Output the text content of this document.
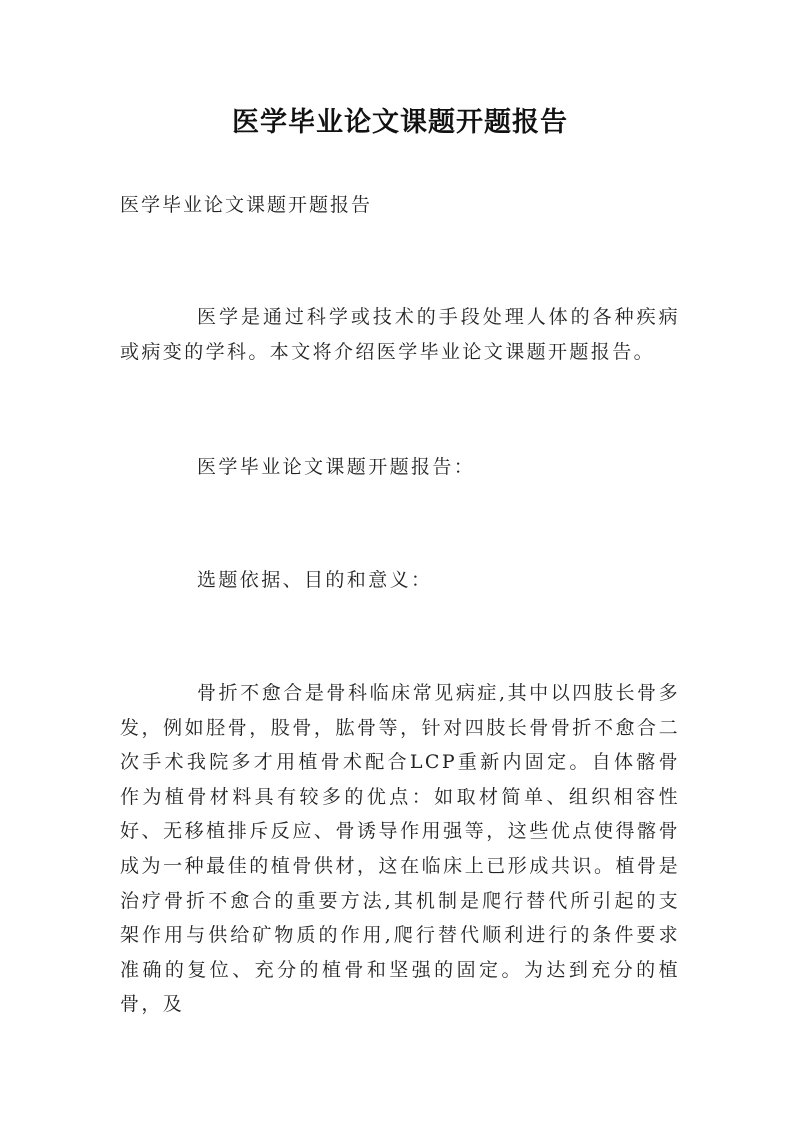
医学毕业论文课题开题报告
医学毕业论文课题开题报告

医学是通过科学或技术的手段处理人体的各种疾病或病变的学科。本文将介绍医学毕业论文课题开题报告。

医学毕业论文课题开题报告：

选题依据、目的和意义：

骨折不愈合是骨科临床常见病症,其中以四肢长骨多发，例如胫骨，股骨，肱骨等，针对四肢长骨骨折不愈合二次手术我院多才用植骨术配合LCP重新内固定。自体髂骨作为植骨材料具有较多的优点：如取材简单、组织相容性好、无移植排斥反应、骨诱导作用强等，这些优点使得髂骨成为一种最佳的植骨供材，这在临床上已形成共识。植骨是治疗骨折不愈合的重要方法,其机制是爬行替代所引起的支架作用与供给矿物质的作用,爬行替代顺利进行的条件要求准确的复位、充分的植骨和坚强的固定。为达到充分的植骨，及
